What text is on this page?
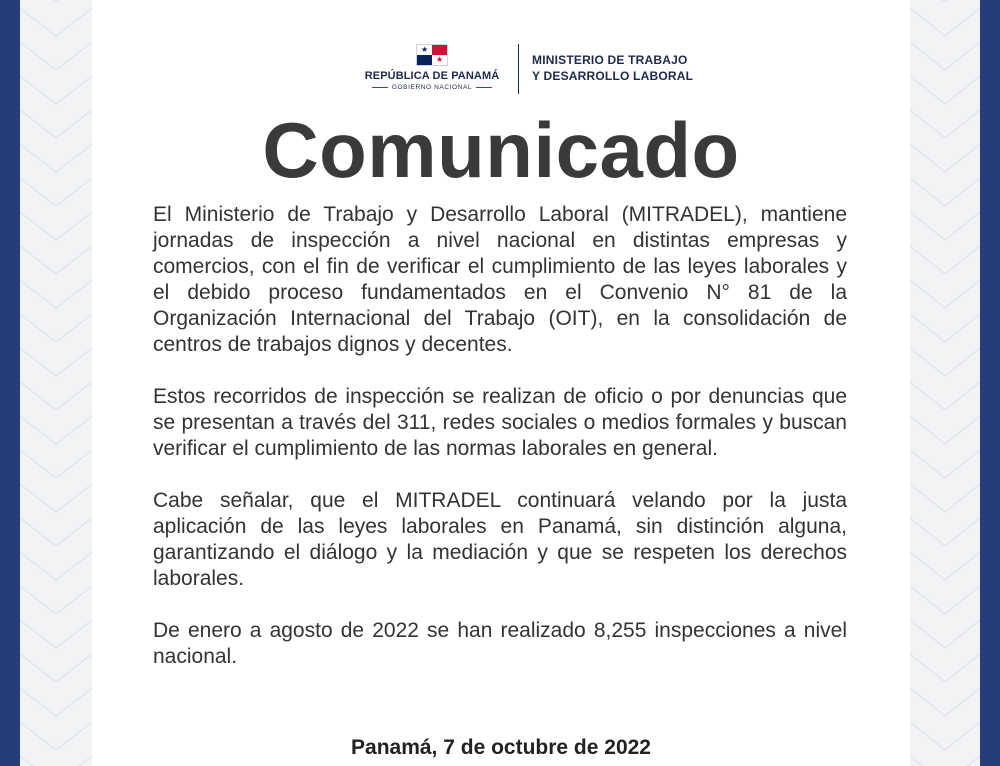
★
★
REPÚBLICA DE PANAMÁ
GOBIERNO NACIONAL
MINISTERIO DE TRABAJO
Y DESARROLLO LABORAL
Comunicado

El Ministerio de Trabajo y Desarrollo Laboral (MITRADEL), mantiene jornadas de inspección a nivel nacional en distintas empresas y comercios, con el fin de verificar el cumplimiento de las leyes laborales y el debido proceso fundamentados en el Convenio N° 81 de la Organización Internacional del Trabajo (OIT), en la consolidación de centros de trabajos dignos y decentes.

Estos recorridos de inspección se realizan de oficio o por denuncias que se presentan a través del 311, redes sociales o medios formales y buscan verificar el cumplimiento de las normas laborales en general.

Cabe señalar, que el MITRADEL continuará velando por la justa aplicación de las leyes laborales en Panamá, sin distinción alguna, garantizando el diálogo y la mediación y que se respeten los derechos laborales.

De enero a agosto de 2022 se han realizado 8,255 inspecciones a nivel nacional.

Panamá, 7 de octubre de 2022
